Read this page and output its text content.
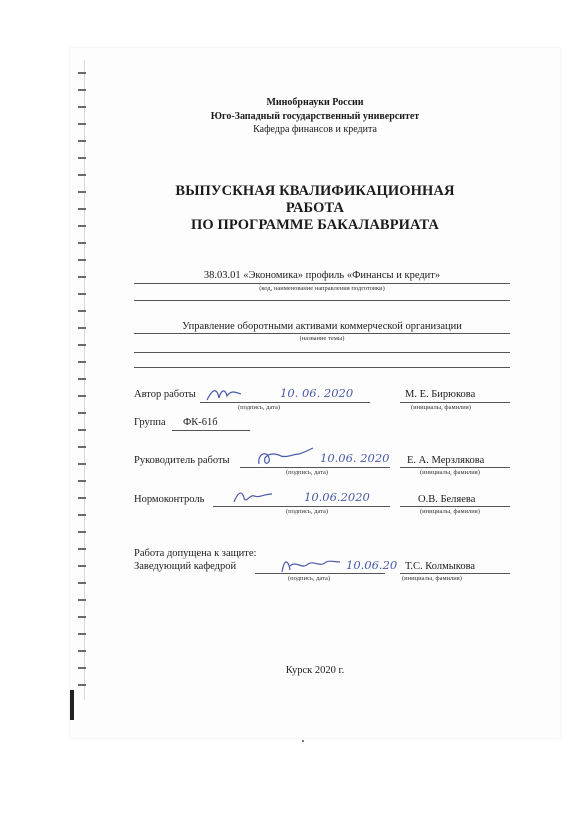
Минобрнауки России
Юго-Западный государственный университет
Кафедра финансов и кредита
ВЫПУСКНАЯ КВАЛИФИКАЦИОННАЯ
РАБОТА
ПО ПРОГРАММЕ БАКАЛАВРИАТА
38.03.01 «Экономика» профиль «Финансы и кредит»
(код, наименование направления подготовки)
Управление оборотными активами коммерческой организации
(название темы)
Автор работы	10. 06. 2020
(подпись, дата)
М. Е. Бирюкова
(инициалы, фамилия)
Группа ФК-61б
Руководитель работы	10.06. 2020
(подпись, дата)
Е. А. Мерзлякова
(инициалы, фамилия)
Нормоконтроль	10.06.2020
(подпись, дата)
О.В. Беляева
(инициалы, фамилия)
Работа допущена к защите:
Заведующий кафедрой	10.06.20
(подпись, дата)
Т.С. Колмыкова
(инициалы, фамилия)
Курск 2020 г.
